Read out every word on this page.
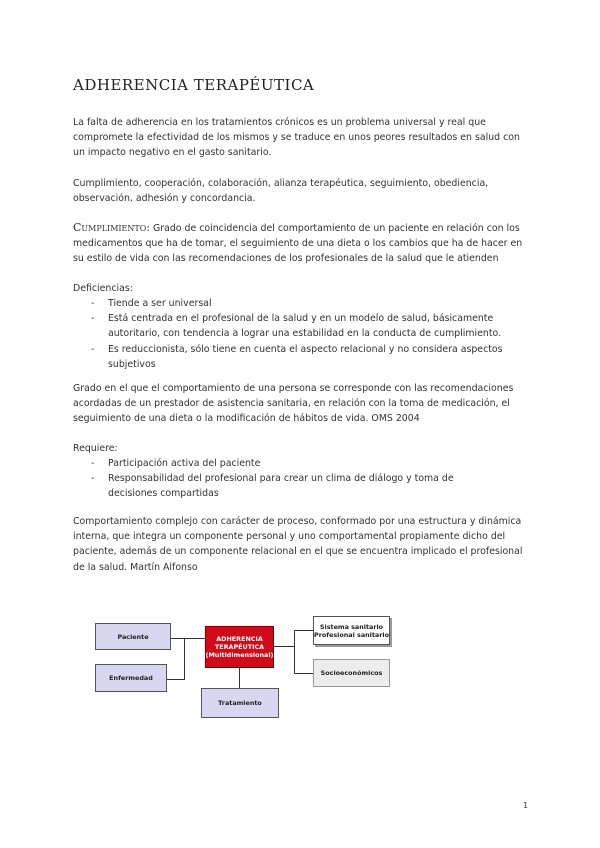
ADHERENCIA TERAPÉUTICA

La falta de adherencia en los tratamientos crónicos es un problema universal y real que compromete la efectividad de los mismos y se traduce en unos peores resultados en salud con un impacto negativo en el gasto sanitario.

Cumplimiento, cooperación, colaboración, alianza terapéutica, seguimiento, obediencia, observación, adhesión y concordancia.

Cumplimiento: Grado de coincidencia del comportamiento de un paciente en relación con los medicamentos que ha de tomar, el seguimiento de una dieta o los cambios que ha de hacer en su estilo de vida con las recomendaciones de los profesionales de la salud que le atienden

Deficiencias:

- Tiende a ser universal
- Está centrada en el profesional de la salud y en un modelo de salud, básicamente autoritario, con tendencia a lograr una estabilidad en la conducta de cumplimiento.
- Es reduccionista, sólo tiene en cuenta el aspecto relacional y no considera aspectos subjetivos

Grado en el que el comportamiento de una persona se corresponde con las recomendaciones acordadas de un prestador de asistencia sanitaria, en relación con la toma de medicación, el seguimiento de una dieta o la modificación de hábitos de vida. OMS 2004

Requiere:

- Participación activa del paciente
- Responsabilidad del profesional para crear un clima de diálogo y toma de decisiones compartidas

Comportamiento complejo con carácter de proceso, conformado por una estructura y dinámica interna, que integra un componente personal y uno comportamental propiamente dicho del paciente, además de un componente relacional en el que se encuentra implicado el profesional de la salud. Martín Alfonso

Paciente
Enfermedad
ADHERENCIA
TERAPÉUTICA
(Multidimensional)
Tratamiento
Sistema sanitario
Profesional sanitario
Socioeconómicos
1
